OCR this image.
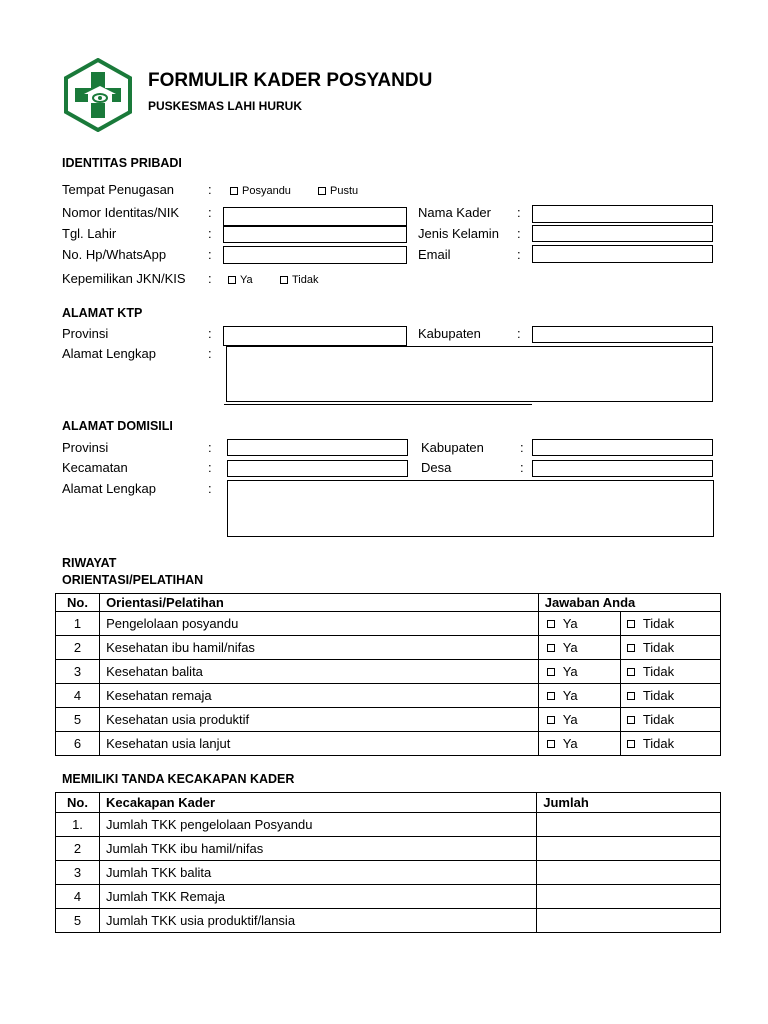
FORMULIR KADER POSYANDU
PUSKESMAS LAHI HURUK
IDENTITAS PRIBADI
Tempat Penugasan	:	Posyandu	Pustu
Nomor Identitas/NIK :	Nama Kader :
Tgl. Lahir	:	Jenis Kelamin :
No. Hp/WhatsApp	:	Email	:
Kepemilikan JKN/KIS :	Ya	Tidak
ALAMAT KTP
Provinsi	:	Kabupaten	:
Alamat Lengkap	:
ALAMAT DOMISILI
Provinsi	:	Kabupaten	:
Kecamatan	:	Desa	:
Alamat Lengkap	:
RIWAYAT
ORIENTASI/PELATIHAN
No.	Orientasi/Pelatihan	Jawaban Anda	
1	Pengelolaan posyandu	Ya	Tidak

2	Kesehatan ibu hamil/nifas	Ya	Tidak

3	Kesehatan balita	Ya	Tidak

4	Kesehatan remaja	Ya	Tidak

5	Kesehatan usia produktif	Ya	Tidak

6	Kesehatan usia lanjut	Ya	Tidak
MEMILIKI TANDA KECAKAPAN KADER
No.	Kecakapan Kader	Jumlah
1.	Jumlah TKK pengelolaan Posyandu	
2	Jumlah TKK ibu hamil/nifas	
3	Jumlah TKK balita	
4	Jumlah TKK Remaja	
5	Jumlah TKK usia produktif/lansia	
